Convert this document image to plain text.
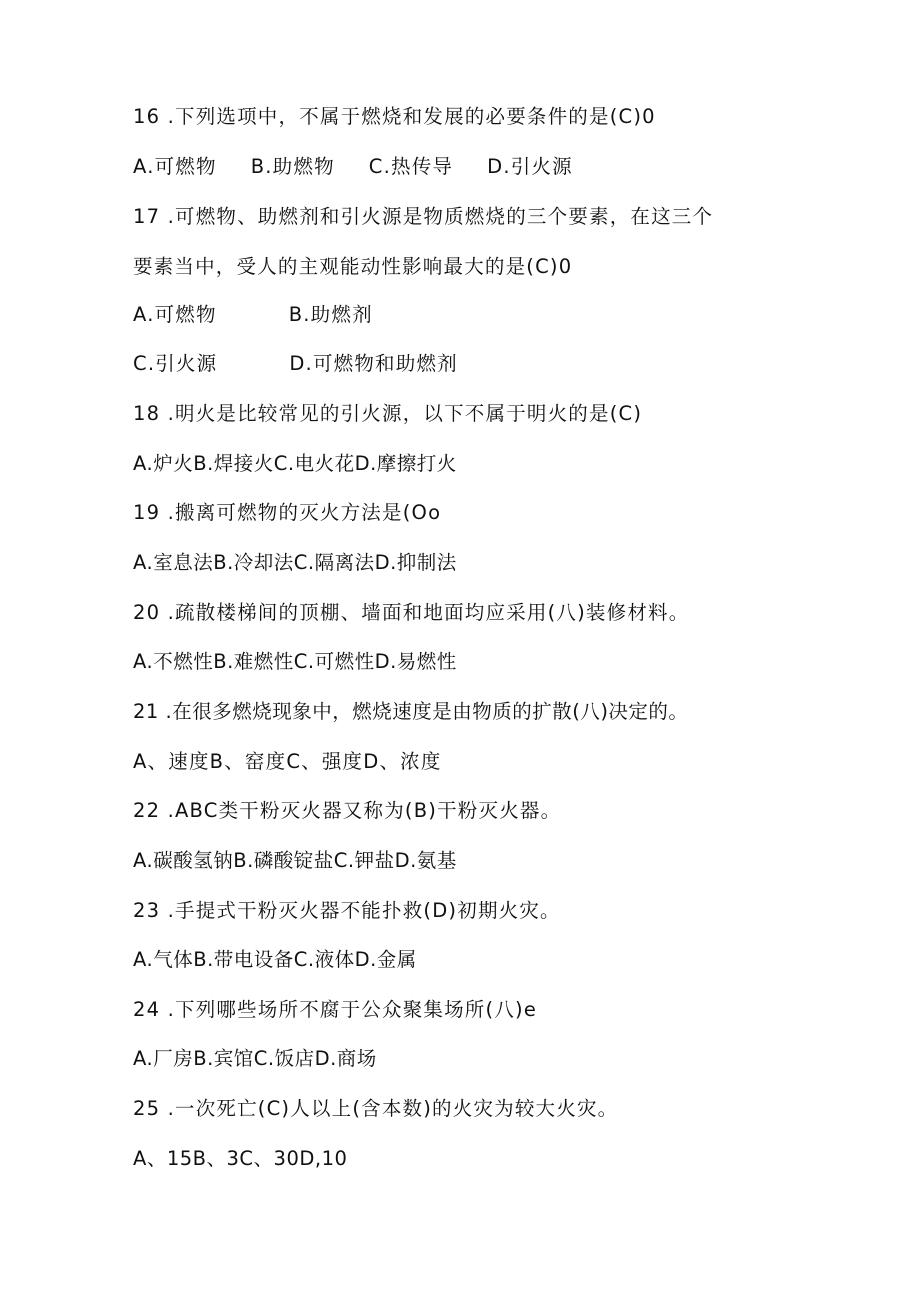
16 .下列选项中，不属于燃烧和发展的必要条件的是(C)0
A.可燃物 B.助燃物 C.热传导 D.引火源
17 .可燃物、助燃剂和引火源是物质燃烧的三个要素，在这三个
要素当中，受人的主观能动性影响最大的是(C)0
A.可燃物	B.助燃剂
C.引火源	D.可燃物和助燃剂
18 .明火是比较常见的引火源，以下不属于明火的是(C)
A.炉火B.焊接火C.电火花D.摩擦打火
19 .搬离可燃物的灭火方法是(Oo
A.室息法B.冷却法C.隔离法D.抑制法
20 .疏散楼梯间的顶棚、墙面和地面均应采用(八)装修材料。
A.不燃性B.难燃性C.可燃性D.易燃性
21 .在很多燃烧现象中，燃烧速度是由物质的扩散(八)决定的。
A、速度B、窑度C、强度D、浓度
22 .ABC类干粉灭火器又称为(B)干粉灭火器。
A.碳酸氢钠B.磷酸锭盐C.钾盐D.氨基
23 .手提式干粉灭火器不能扑救(D)初期火灾。
A.气体B.带电设备C.液体D.金属
24 .下列哪些场所不腐于公众聚集场所(八)e
A.厂房B.宾馆C.饭店D.商场
25 .一次死亡(C)人以上(含本数)的火灾为较大火灾。
A、15B、3C、30D,10
